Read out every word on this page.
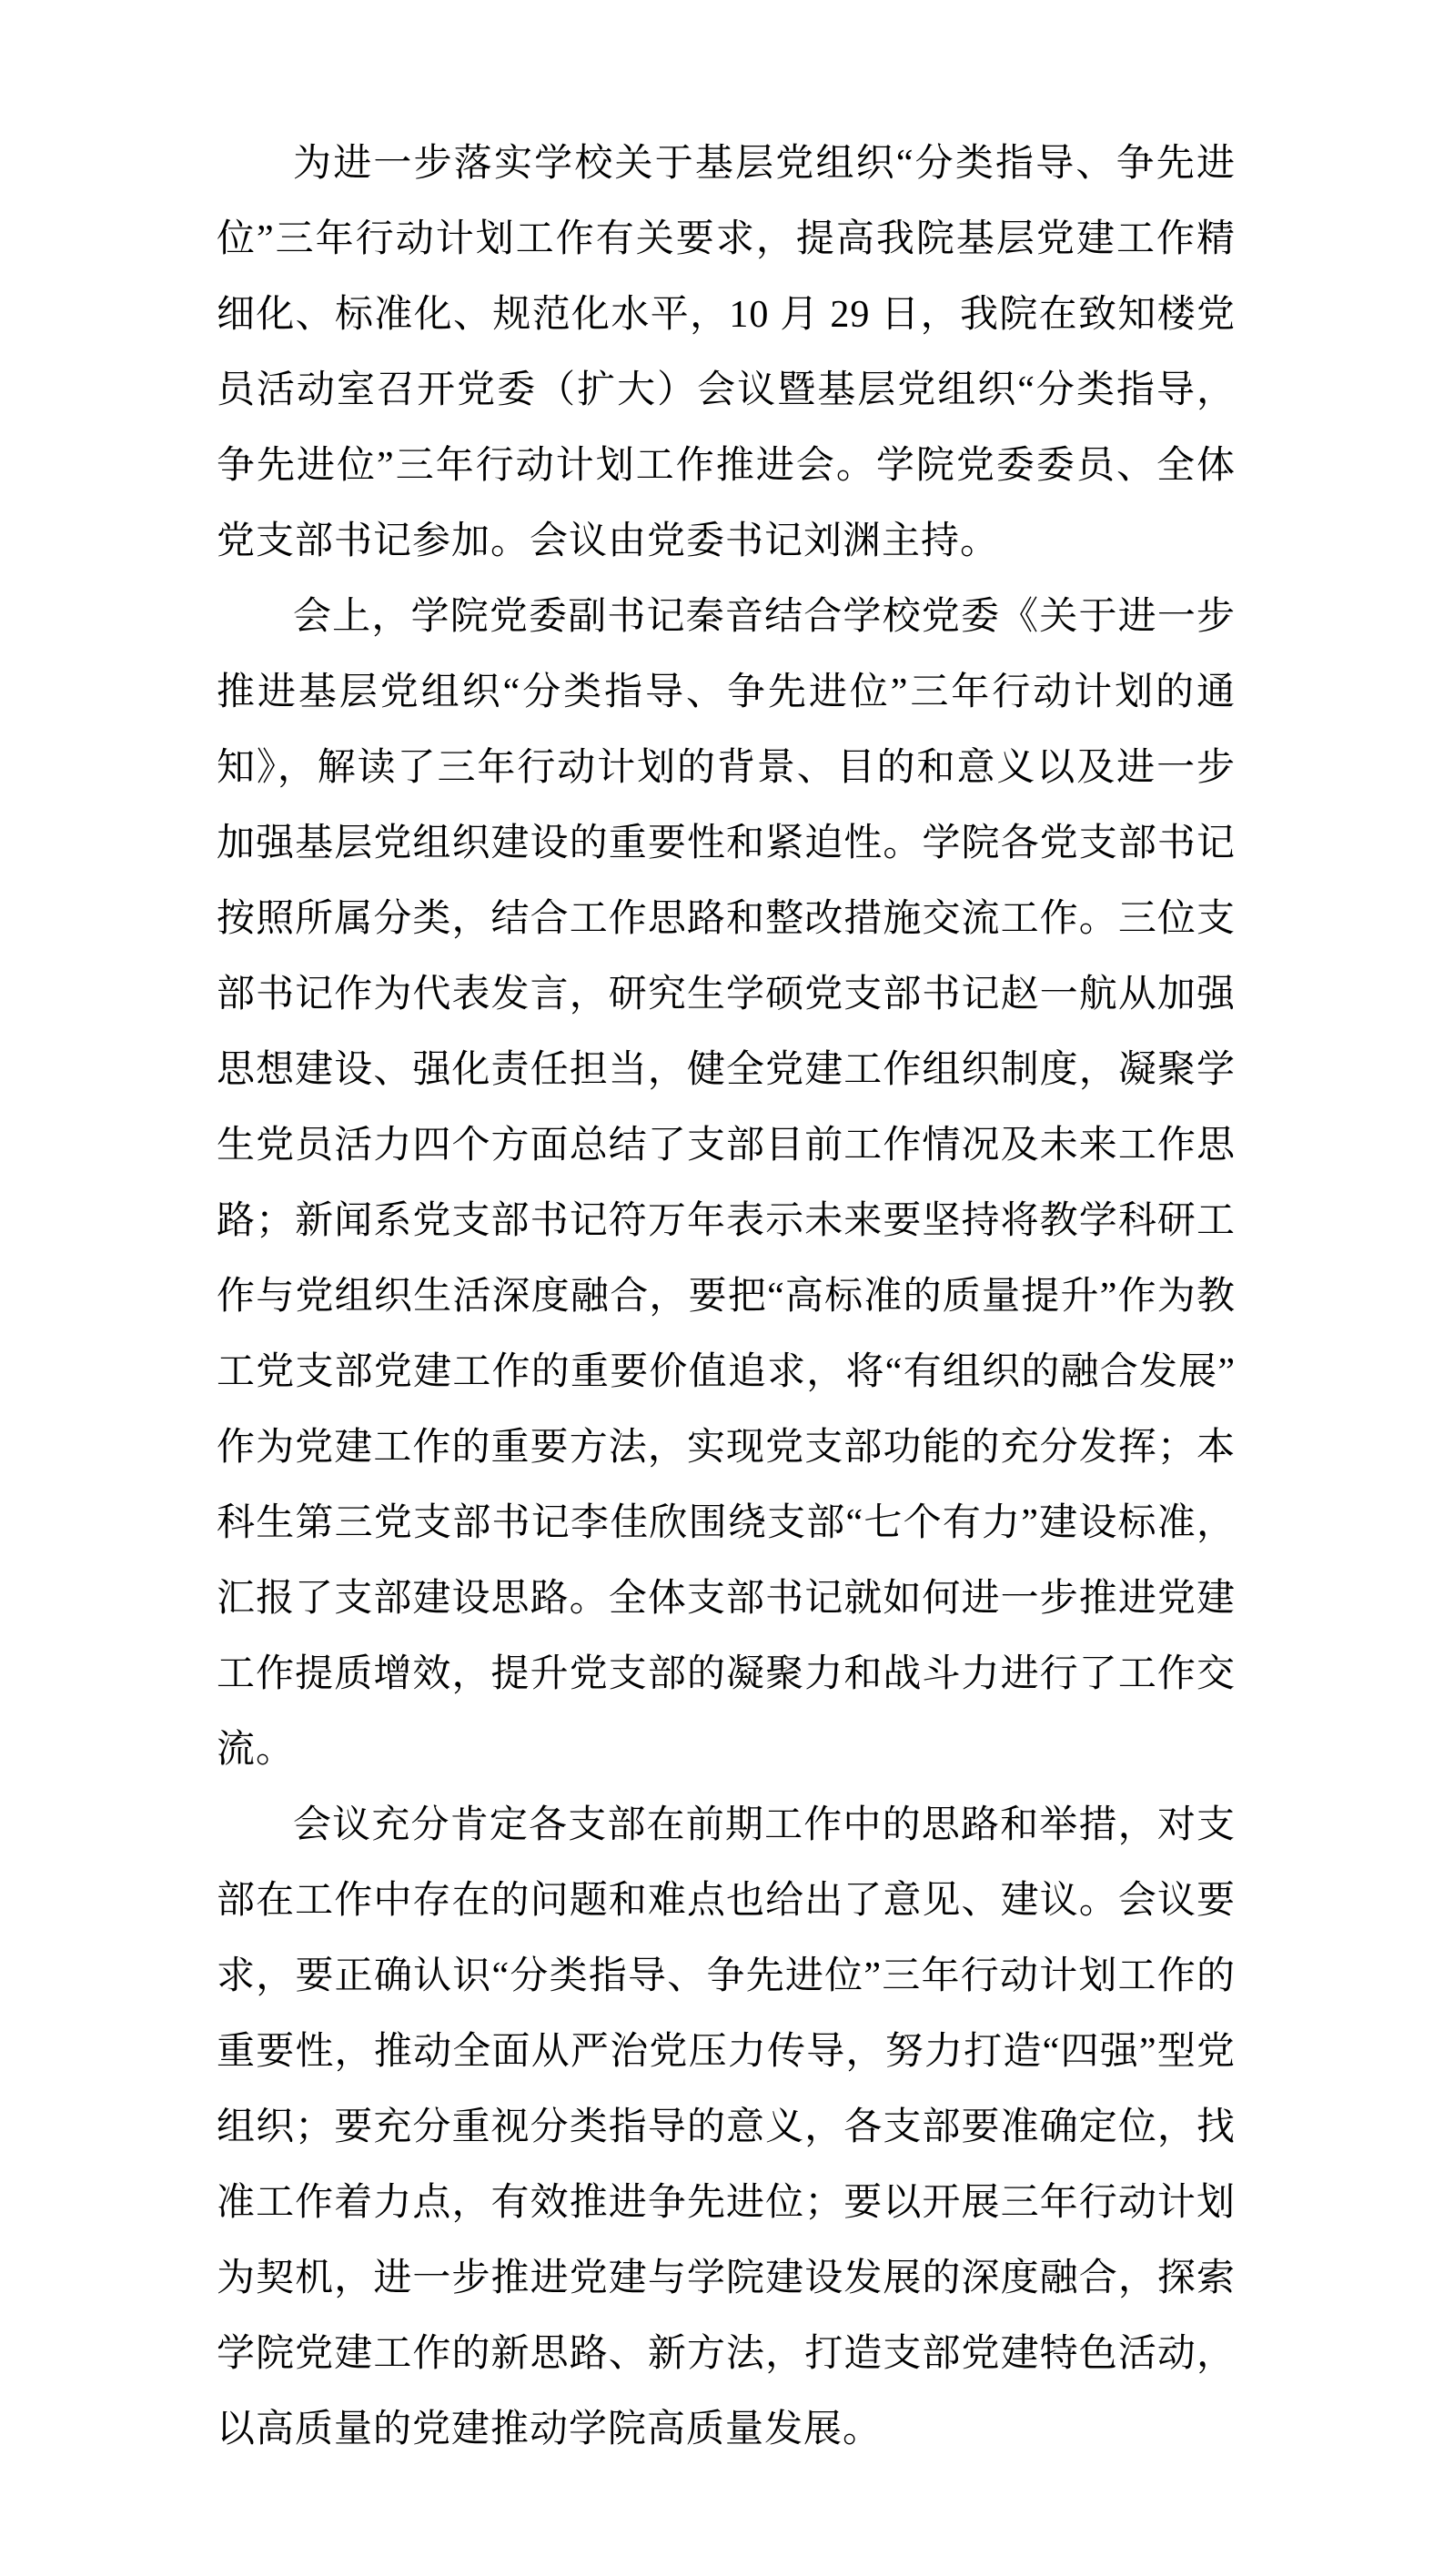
为进一步落实学校关于基层党组织“分类指导、争先进位”三年行动计划工作有关要求，提高我院基层党建工作精细化、标准化、规范化水平，10 月 29 日，我院在致知楼党员活动室召开党委（扩大）会议暨基层党组织“分类指导，争先进位”三年行动计划工作推进会。学院党委委员、全体党支部书记参加。会议由党委书记刘渊主持。

会上，学院党委副书记秦音结合学校党委《关于进一步推进基层党组织“分类指导、争先进位”三年行动计划的通知》，解读了三年行动计划的背景、目的和意义以及进一步加强基层党组织建设的重要性和紧迫性。学院各党支部书记按照所属分类，结合工作思路和整改措施交流工作。三位支部书记作为代表发言，研究生学硕党支部书记赵一航从加强思想建设、强化责任担当，健全党建工作组织制度，凝聚学生党员活力四个方面总结了支部目前工作情况及未来工作思路；新闻系党支部书记符万年表示未来要坚持将教学科研工作与党组织生活深度融合，要把“高标准的质量提升”作为教工党支部党建工作的重要价值追求，将“有组织的融合发展”作为党建工作的重要方法，实现党支部功能的充分发挥；本科生第三党支部书记李佳欣围绕支部“七个有力”建设标准，汇报了支部建设思路。全体支部书记就如何进一步推进党建工作提质增效，提升党支部的凝聚力和战斗力进行了工作交流。

会议充分肯定各支部在前期工作中的思路和举措，对支部在工作中存在的问题和难点也给出了意见、建议。会议要求，要正确认识“分类指导、争先进位”三年行动计划工作的重要性，推动全面从严治党压力传导，努力打造“四强”型党组织；要充分重视分类指导的意义，各支部要准确定位，找准工作着力点，有效推进争先进位；要以开展三年行动计划为契机，进一步推进党建与学院建设发展的深度融合，探索学院党建工作的新思路、新方法，打造支部党建特色活动，以高质量的党建推动学院高质量发展。
